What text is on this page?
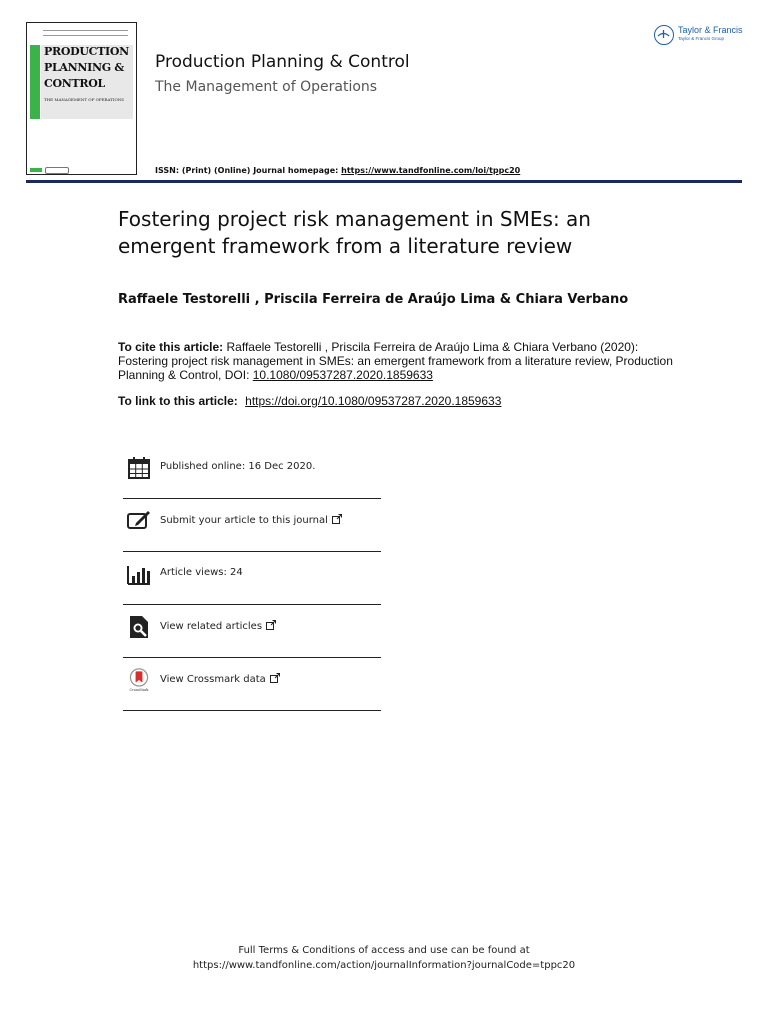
PRODUCTION
PLANNING &
CONTROL
THE MANAGEMENT OF OPERATIONS
Taylor & Francis
Taylor & Francis Group
Production Planning & Control
The Management of Operations
ISSN: (Print) (Online) Journal homepage: https://www.tandfonline.com/loi/tppc20
Fostering project risk management in SMEs: an emergent framework from a literature review
Raffaele Testorelli , Priscila Ferreira de Araújo Lima & Chiara Verbano
To cite this article: Raffaele Testorelli , Priscila Ferreira de Araújo Lima & Chiara Verbano (2020): Fostering project risk management in SMEs: an emergent framework from a literature review, Production Planning & Control, DOI: 10.1080/09537287.2020.1859633
To link to this article: https://doi.org/10.1080/09537287.2020.1859633
Published online: 16 Dec 2020.
Submit your article to this journal
Article views: 24
View related articles
CrossMark
View Crossmark data
Full Terms & Conditions of access and use can be found at
https://www.tandfonline.com/action/journalInformation?journalCode=tppc20
